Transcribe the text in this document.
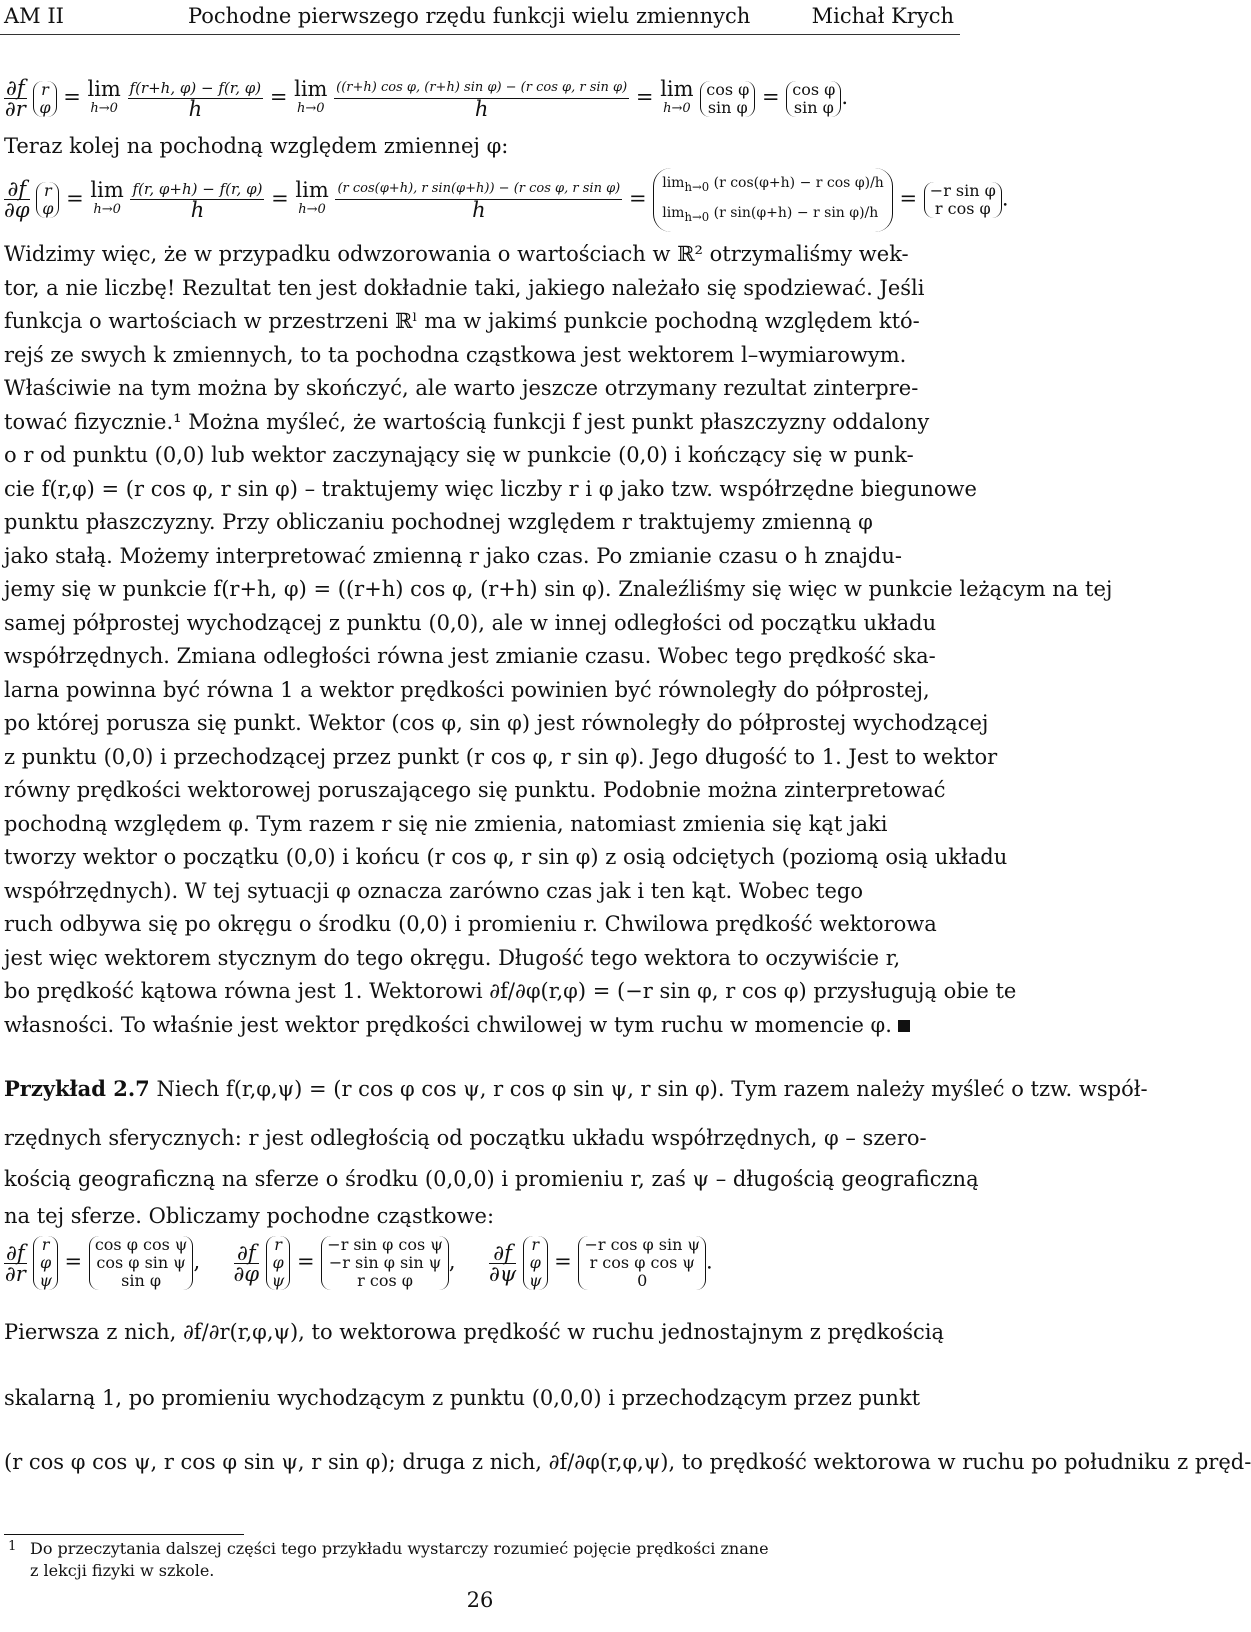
AM II	Pochodne pierwszego rzędu funkcji wielu zmiennych	Michał Krych
$\frac{\partial f}{\partial r}$
r
φ = lim
h→0
$\frac{f(r+h, \varphi) - f(r, \varphi)}{h} = \lim$
h→0
$\frac{\text{((r+h) cos φ, (r+h) sin φ) − (r cos φ, r sin φ)}}{h} = \lim$
h→0

cos φ
sin φ = cos φ
sin φ .
Teraz kolej na pochodną względem zmiennej φ:
$\frac{\partial f}{\partial\varphi}$
r
φ = lim
h→0
$\frac{f(r, \varphi+h) - f(r, \varphi)}{h} = \lim$
h→0
$\frac{\text{(r cos(φ+h), r sin(φ+h)) − (r cos φ, r sin φ)}}{h}$ =
$\lim_{h\to 0} (r$ cos(φ+h) − r cos φ)/h
$\lim_{h\to 0} (r$ sin(φ+h) − r sin φ)/h
= −r sin φ
r cos φ .
Widzimy więc, że w przypadku odwzorowania o wartościach w ℝ² otrzymaliśmy wek-
tor, a nie liczbę! Rezultat ten jest dokładnie taki, jakiego należało się spodziewać. Jeśli
funkcja o wartościach w przestrzeni ℝˡ ma w jakimś punkcie pochodną względem któ-
rejś ze swych k zmiennych, to ta pochodna cząstkowa jest wektorem l–wymiarowym.
Właściwie na tym można by skończyć, ale warto jeszcze otrzymany rezultat zinterpre-
tować fizycznie.¹ Można myśleć, że wartością funkcji f jest punkt płaszczyzny oddalony
o r od punktu (0,0) lub wektor zaczynający się w punkcie (0,0) i kończący się w punk-
cie f(r,φ) = (r cos φ, r sin φ) – traktujemy więc liczby r i φ jako tzw. współrzędne biegunowe
punktu płaszczyzny. Przy obliczaniu pochodnej względem r traktujemy zmienną φ
jako stałą. Możemy interpretować zmienną r jako czas. Po zmianie czasu o h znajdu-
jemy się w punkcie f(r+h, φ) = ((r+h) cos φ, (r+h) sin φ). Znaleźliśmy się więc w punkcie leżącym na tej
samej półprostej wychodzącej z punktu (0,0), ale w innej odległości od początku układu
współrzędnych. Zmiana odległości równa jest zmianie czasu. Wobec tego prędkość ska-
larna powinna być równa 1 a wektor prędkości powinien być równoległy do półprostej,
po której porusza się punkt. Wektor (cos φ, sin φ) jest równoległy do półprostej wychodzącej
z punktu (0,0) i przechodzącej przez punkt (r cos φ, r sin φ). Jego długość to 1. Jest to wektor
równy prędkości wektorowej poruszającego się punktu. Podobnie można zinterpretować
pochodną względem φ. Tym razem r się nie zmienia, natomiast zmienia się kąt jaki
tworzy wektor o początku (0,0) i końcu (r cos φ, r sin φ) z osią odciętych (poziomą osią układu
współrzędnych). W tej sytuacji φ oznacza zarówno czas jak i ten kąt. Wobec tego
ruch odbywa się po okręgu o środku (0,0) i promieniu r. Chwilowa prędkość wektorowa
jest więc wektorem stycznym do tego okręgu. Długość tego wektora to oczywiście r,
bo prędkość kątowa równa jest 1. Wektorowi ∂f/∂φ(r,φ) = (−r sin φ, r cos φ) przysługują obie te
własności. To właśnie jest wektor prędkości chwilowej w tym ruchu w momencie φ.
Przykład 2.7 Niech f(r,φ,ψ) = (r cos φ cos ψ, r cos φ sin ψ, r sin φ). Tym razem należy myśleć o tzw. współ-
rzędnych sferycznych: r jest odległością od początku układu współrzędnych, φ – szero-
kością geograficzną na sferze o środku (0,0,0) i promieniu r, zaś ψ – długością geograficzną
na tej sferze. Obliczamy pochodne cząstkowe:
$\frac{\partial f}{\partial r}$
r
φ
ψ
=
cos φ cos ψ
cos φ sin ψ
sin φ
, $\frac{\partial f}{\partial\varphi}$
r
φ
ψ
=
−r sin φ cos ψ
−r sin φ sin ψ
r cos φ
, $\frac{\partial f}{\partial\psi}$
r
φ
ψ
=
−r cos φ sin ψ
r cos φ cos ψ
0
.
Pierwsza z nich, ∂f/∂r(r,φ,ψ), to wektorowa prędkość w ruchu jednostajnym z prędkością
skalarną 1, po promieniu wychodzącym z punktu (0,0,0) i przechodzącym przez punkt
(r cos φ cos ψ, r cos φ sin ψ, r sin φ); druga z nich, ∂f/∂φ(r,φ,ψ), to prędkość wektorowa w ruchu po południku z pręd-
1 Do przeczytania dalszej części tego przykładu wystarczy rozumieć pojęcie prędkości znane
z lekcji fizyki w szkole.
26
